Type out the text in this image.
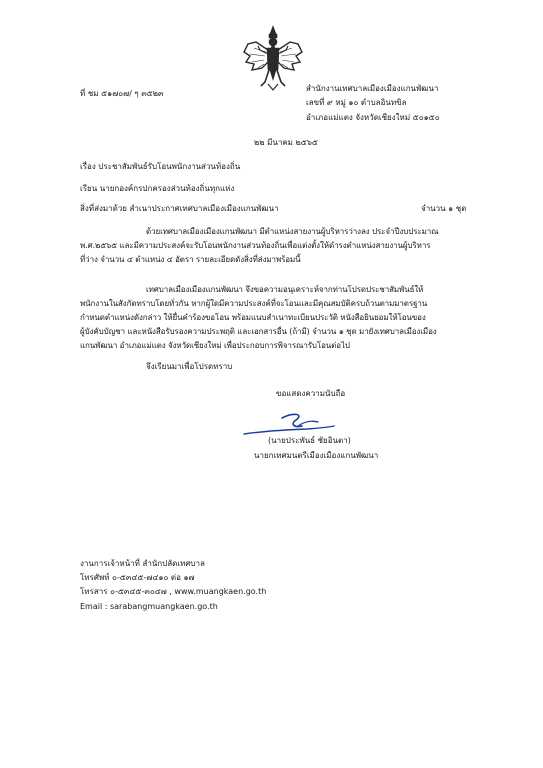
ที่ ชม ๕๑๗๐๗/ ๆ ๓๕๒๓
สำนักงานเทศบาลเมืองเมืองแกนพัฒนา
เลขที่ ๙ หมู่ ๑๐ ตำบลอินทขิล
อำเภอแม่แตง จังหวัดเชียงใหม่ ๕๐๑๕๐
๒๒ มีนาคม ๒๕๖๕
เรื่อง ประชาสัมพันธ์รับโอนพนักงานส่วนท้องถิ่น
เรียน นายกองค์กรปกครองส่วนท้องถิ่นทุกแห่ง
สิ่งที่ส่งมาด้วย สำเนาประกาศเทศบาลเมืองเมืองแกนพัฒนา	จำนวน ๑ ชุด
ด้วยเทศบาลเมืองเมืองแกนพัฒนา มีตำแหน่งสายงานผู้บริหารว่างลง ประจำปีงบประมาณ
พ.ศ.๒๕๖๕ และมีความประสงค์จะรับโอนพนักงานส่วนท้องถิ่นเพื่อแต่งตั้งให้ดำรงตำแหน่งสายงานผู้บริหาร
ที่ว่าง จำนวน ๔ ตำแหน่ง ๔ อัตรา รายละเอียดดังสิ่งที่ส่งมาพร้อมนี้
เทศบาลเมืองเมืองแกนพัฒนา จึงขอความอนุเคราะห์จากท่านโปรดประชาสัมพันธ์ให้
พนักงานในสังกัดทราบโดยทั่วกัน หากผู้ใดมีความประสงค์ที่จะโอนและมีคุณสมบัติครบถ้วนตามมาตรฐาน
กำหนดตำแหน่งดังกล่าว ให้ยื่นคำร้องขอโอน พร้อมแนบสำเนาทะเบียนประวัติ หนังสือยินยอมให้โอนของ
ผู้บังคับบัญชา และหนังสือรับรองความประพฤติ และเอกสารอื่น (ถ้ามี) จำนวน ๑ ชุด มายังเทศบาลเมืองเมือง
แกนพัฒนา อำเภอแม่แตง จังหวัดเชียงใหม่ เพื่อประกอบการพิจารณารับโอนต่อไป
จึงเรียนมาเพื่อโปรดทราบ
ขอแสดงความนับถือ
(นายประพันธ์ ชัยอินตา)
นายกเทศมนตรีเมืองเมืองแกนพัฒนา
งานการเจ้าหน้าที่ สำนักปลัดเทศบาล
โทรศัพท์ ๐-๕๓๔๕-๗๔๑๐ ต่อ ๑๗
โทรสาร ๐-๕๓๔๕-๓๐๔๗ , www.muangkaen.go.th
Email : sarabangmuangkaen.go.th
